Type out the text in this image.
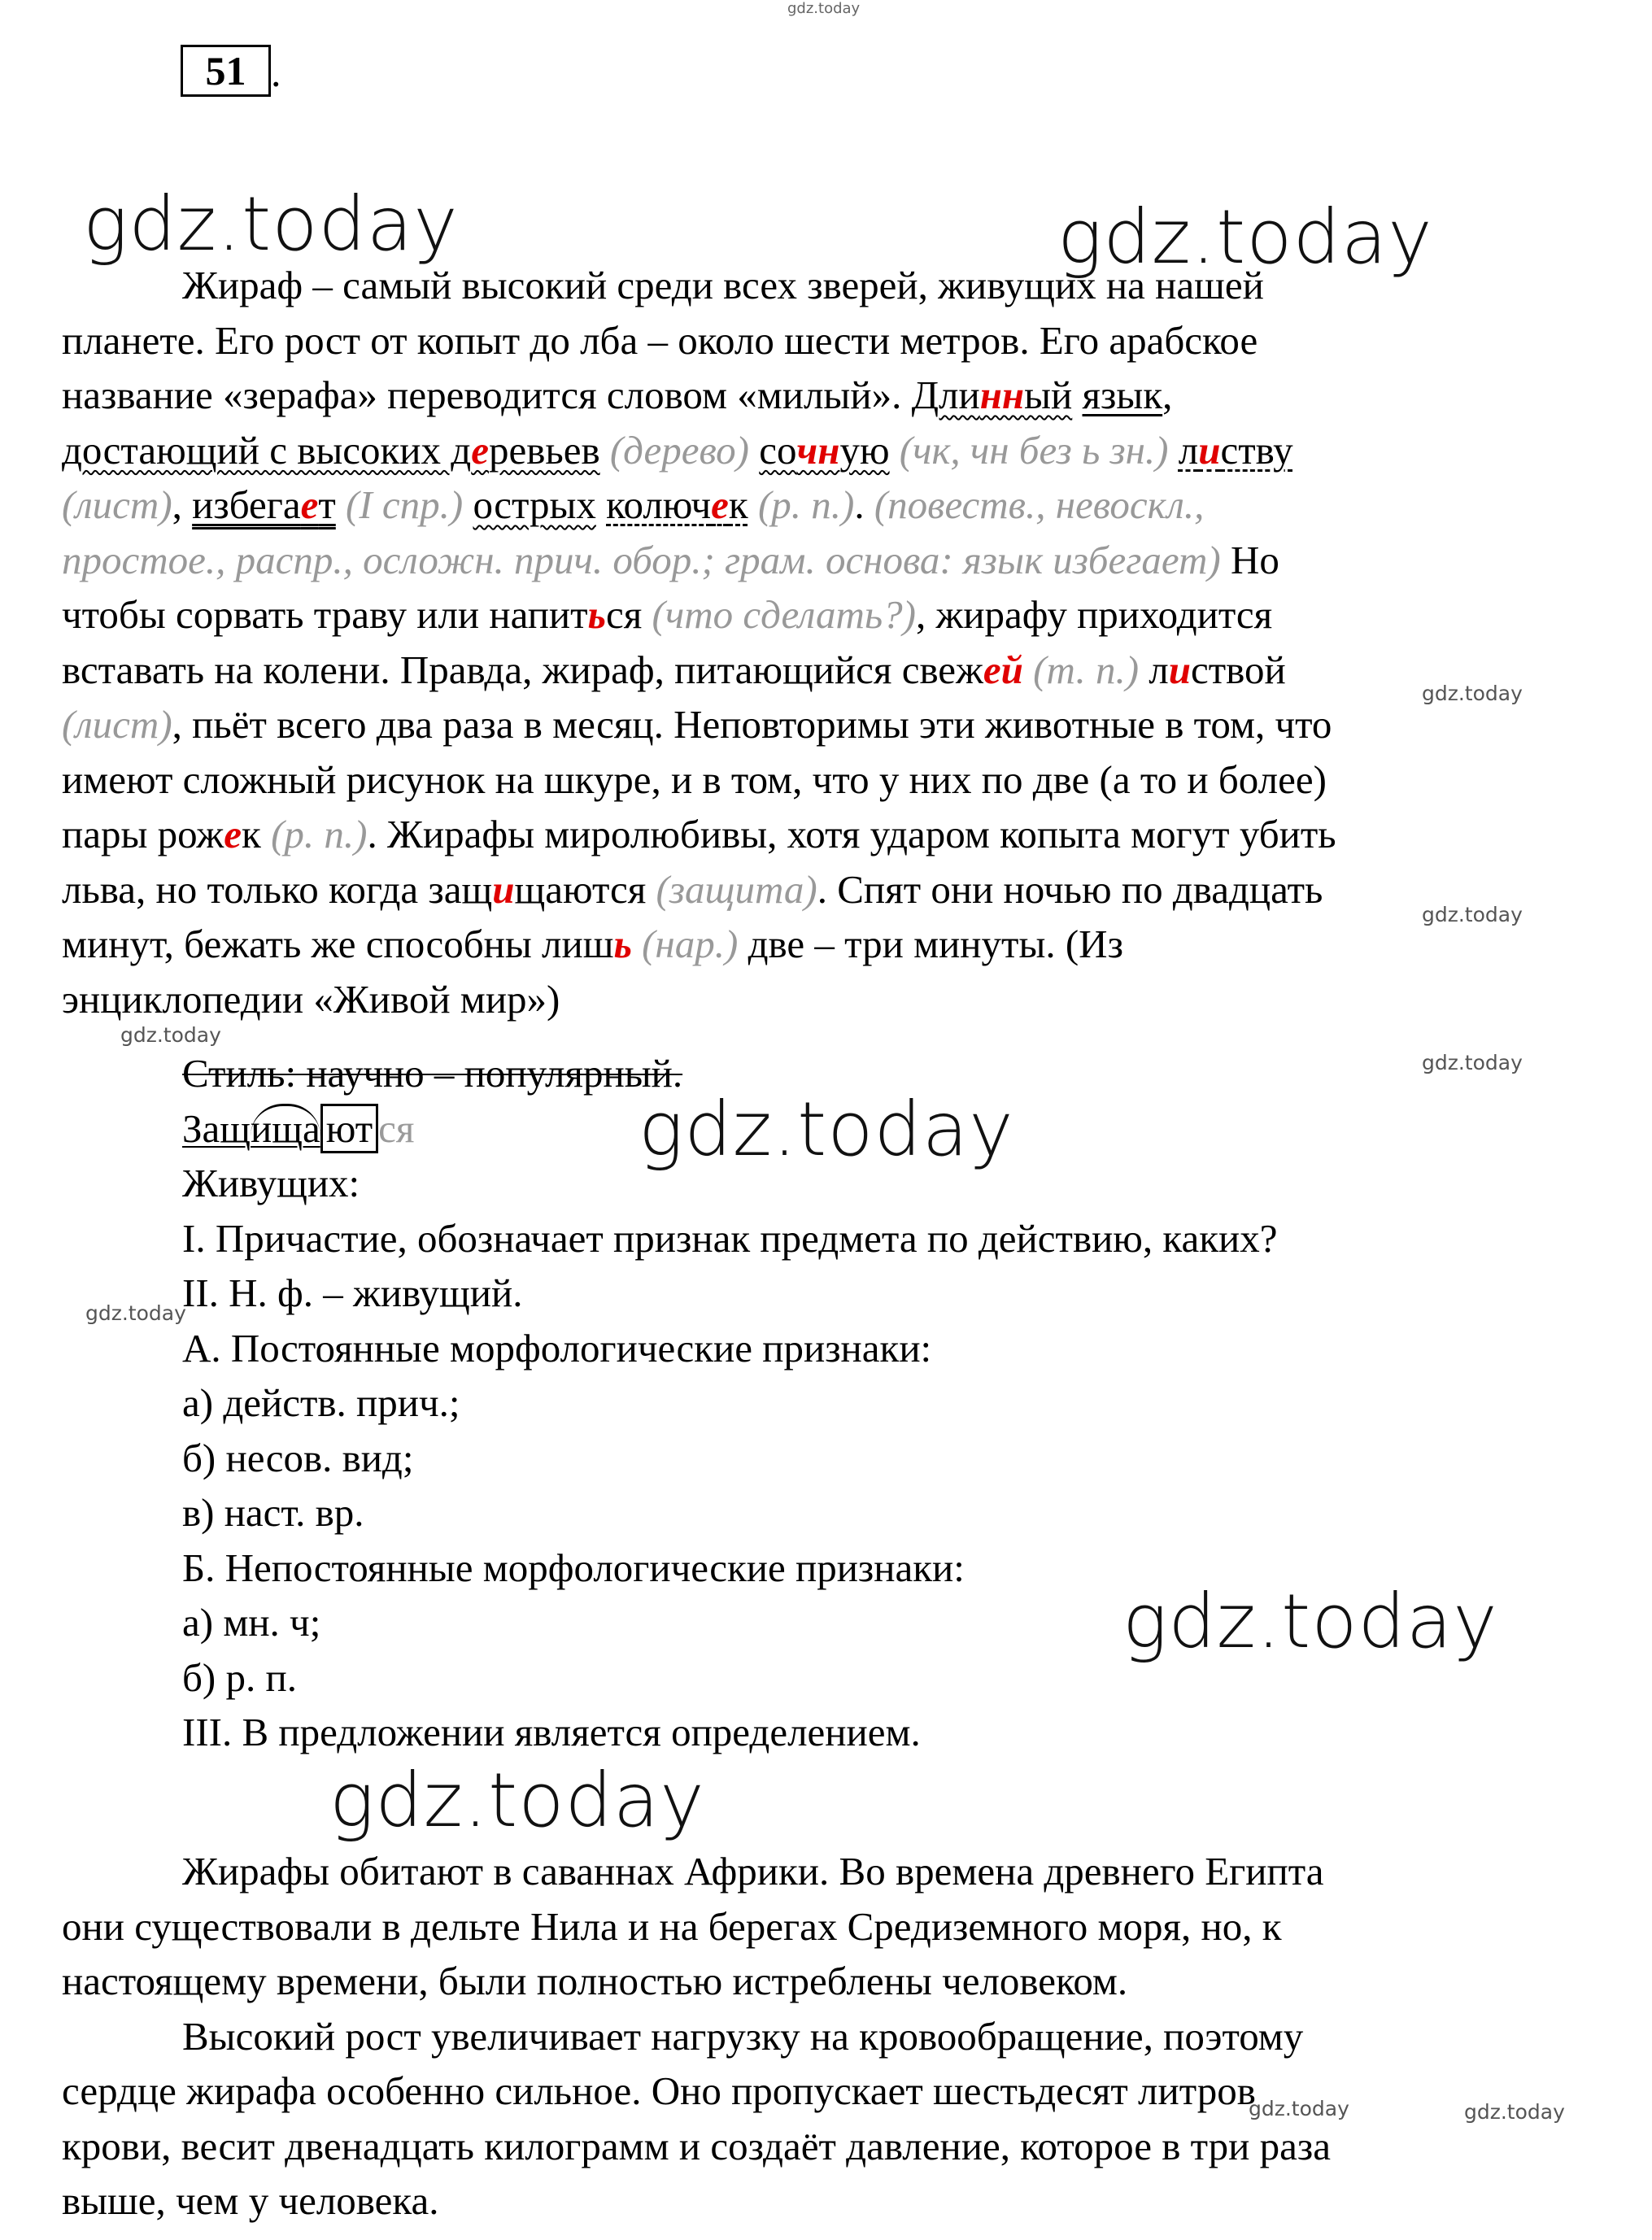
51 .
gdz.today
gdz.today	gdz.today
gdz.today
gdz.today
gdz.today
gdz.today
gdz.today
gdz.today
gdz.today
gdz.today
gdz.today	gdz.today
Жираф – самый высокий среди всех зверей, живущих на нашей
планете. Его рост от копыт до лба – около шести метров. Его арабское
название «зерафа» переводится словом «милый». Длинный язык,
достающий с высоких деревьев (дерево) сочную (чк, чн без ь зн.) листву
(лист), избегает (I спр.) острых колючек (р. п.). (повеств., невоскл.,
простое., распр., осложн. прич. обор.; грам. основа: язык избегает) Но
чтобы сорвать траву или напиться (что сделать?), жирафу приходится
вставать на колени. Правда, жираф, питающийся свежей (т. п.) листвой
(лист), пьёт всего два раза в месяц. Неповторимы эти животные в том, что
имеют сложный рисунок на шкуре, и в том, что у них по две (а то и более)
пары рожек (р. п.). Жирафы миролюбивы, хотя ударом копыта могут убить
льва, но только когда защищаются (защита). Спят они ночью по двадцать
минут, бежать же способны лишь (нар.) две – три минуты. (Из
энциклопедии «Живой мир»)
Стиль: научно – популярный.
Защища ют ся
Живущих:
I. Причастие, обозначает признак предмета по действию, каких?
II. Н. ф. – живущий.
А. Постоянные морфологические признаки:
а) действ. прич.;
б) несов. вид;
в) наст. вр.
Б. Непостоянные морфологические признаки:
а) мн. ч;
б) р. п.
III. В предложении является определением.
Жирафы обитают в саваннах Африки. Во времена древнего Египта
они существовали в дельте Нила и на берегах Средиземного моря, но, к
настоящему времени, были полностью истреблены человеком.
Высокий рост увеличивает нагрузку на кровообращение, поэтому
сердце жирафа особенно сильное. Оно пропускает шестьдесят литров
крови, весит двенадцать килограмм и создаёт давление, которое в три раза
выше, чем у человека.
